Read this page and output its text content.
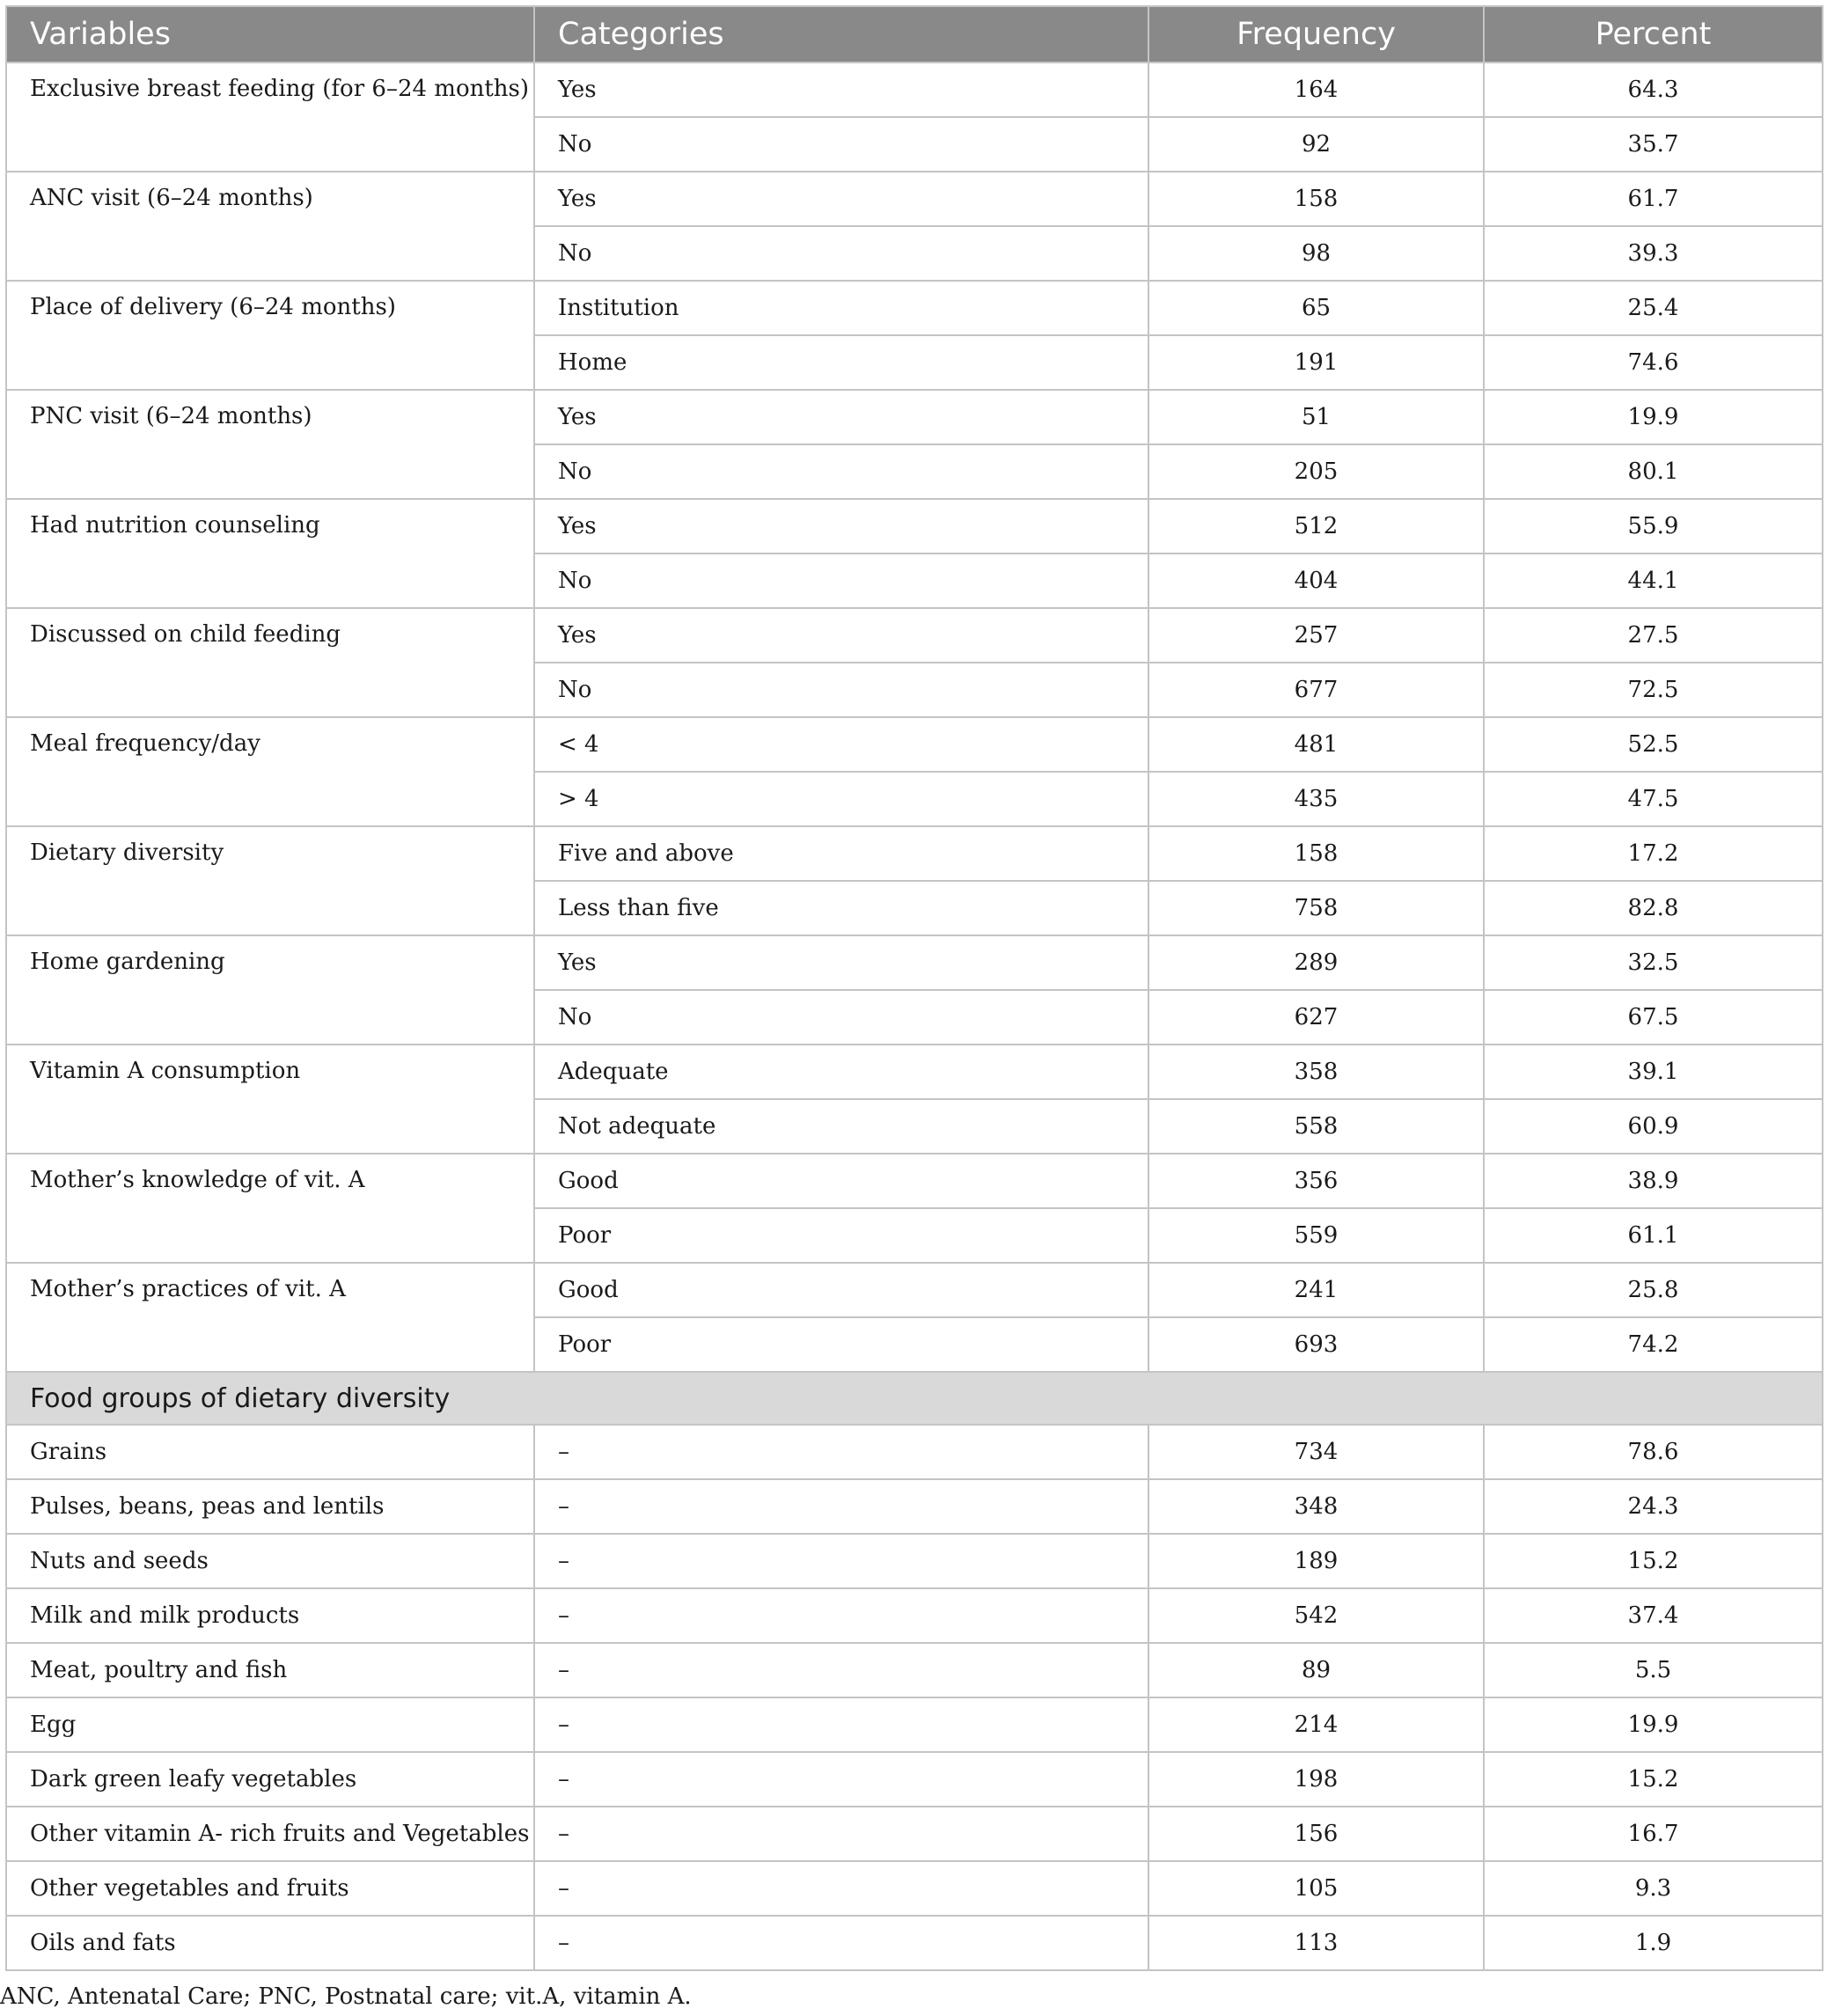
Variables	Categories	Frequency	Percent
Exclusive breast feeding (for 6–24 months)	Yes	164	64.3
	No	92	35.7
ANC visit (6–24 months)	Yes	158	61.7
	No	98	39.3
Place of delivery (6–24 months)	Institution	65	25.4
	Home	191	74.6
PNC visit (6–24 months)	Yes	51	19.9
	No	205	80.1
Had nutrition counseling	Yes	512	55.9
	No	404	44.1
Discussed on child feeding	Yes	257	27.5
	No	677	72.5
Meal frequency/day	< 4	481	52.5
	> 4	435	47.5
Dietary diversity	Five and above	158	17.2
	Less than five	758	82.8
Home gardening	Yes	289	32.5
	No	627	67.5
Vitamin A consumption	Adequate	358	39.1
	Not adequate	558	60.9
Mother’s knowledge of vit. A	Good	356	38.9
	Poor	559	61.1
Mother’s practices of vit. A	Good	241	25.8
	Poor	693	74.2
Food groups of dietary diversity			
Grains	–	734	78.6
Pulses, beans, peas and lentils	–	348	24.3
Nuts and seeds	–	189	15.2
Milk and milk products	–	542	37.4
Meat, poultry and fish	–	89	5.5
Egg	–	214	19.9
Dark green leafy vegetables	–	198	15.2
Other vitamin A- rich fruits and Vegetables	–	156	16.7
Other vegetables and fruits	–	105	9.3
Oils and fats	–	113	1.9
ANC, Antenatal Care; PNC, Postnatal care; vit.A, vitamin A.
